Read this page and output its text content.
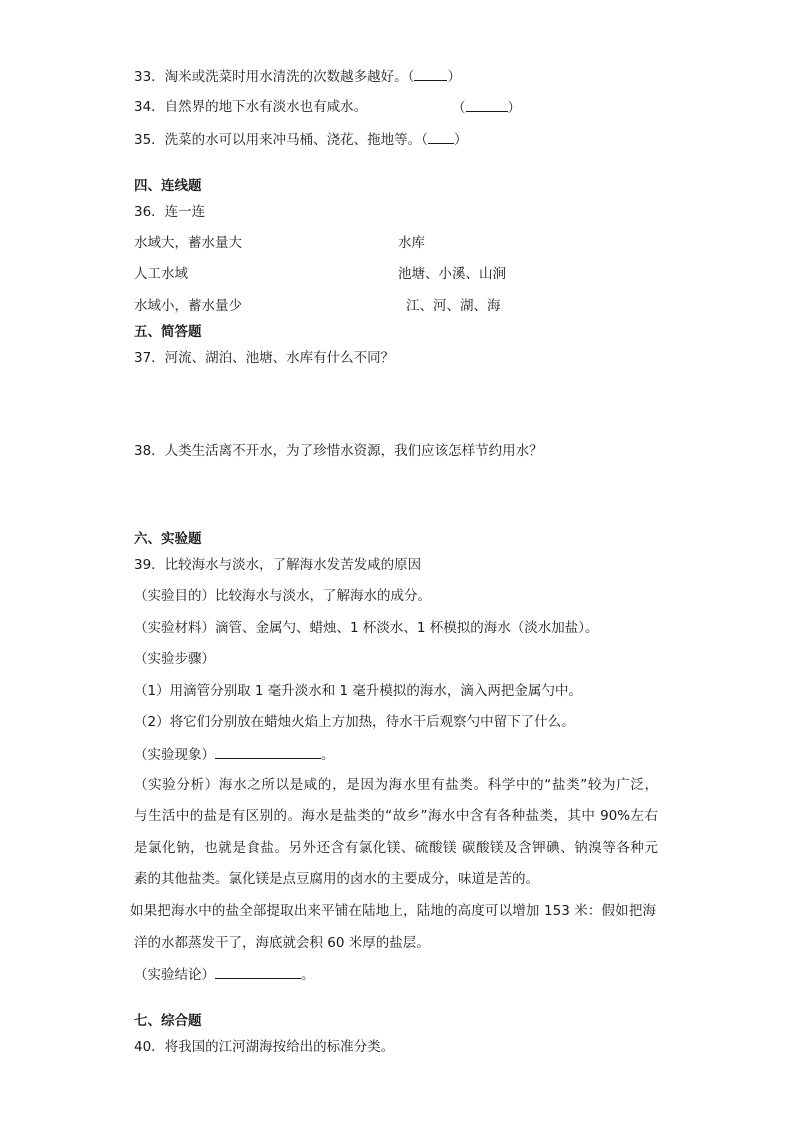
33．淘米或洗菜时用水清洗的次数越多越好。（ ）
34．自然界的地下水有淡水也有咸水。	（	）
35．洗菜的水可以用来冲马桶、浇花、拖地等。（ ）
四、连线题
36．连一连
水域大，蓄水量大	水库
人工水域	池塘、小溪、山涧
水域小，蓄水量少	江、河、湖、海
五、简答题
37．河流、湖泊、池塘、水库有什么不同？
38．人类生活离不开水，为了珍惜水资源，我们应该怎样节约用水？
六、实验题
39．比较海水与淡水，了解海水发苦发咸的原因
（实验目的）比较海水与淡水，了解海水的成分。
（实验材料）滴管、金属勺、蜡烛、1 杯淡水、1 杯模拟的海水（淡水加盐）。
（实验步骤）
（1）用滴管分别取 1 毫升淡水和 1 毫升模拟的海水，滴入两把金属勺中。
（2）将它们分别放在蜡烛火焰上方加热，待水干后观察勺中留下了什么。
（实验现象）	。
（实验分析）海水之所以是咸的，是因为海水里有盐类。科学中的“盐类”较为广泛，
与生活中的盐是有区别的。海水是盐类的“故乡”海水中含有各种盐类，其中 90%左右
是氯化钠，也就是食盐。另外还含有氯化镁、硫酸镁 碳酸镁及含钾碘、钠溴等各种元
素的其他盐类。氯化镁是点豆腐用的卤水的主要成分，味道是苦的。
如果把海水中的盐全部提取出来平铺在陆地上，陆地的高度可以增加 153 米：假如把海
洋的水都蒸发干了，海底就会积 60 米厚的盐层。
（实验结论）	。
七、综合题
40．将我国的江河湖海按给出的标准分类。
